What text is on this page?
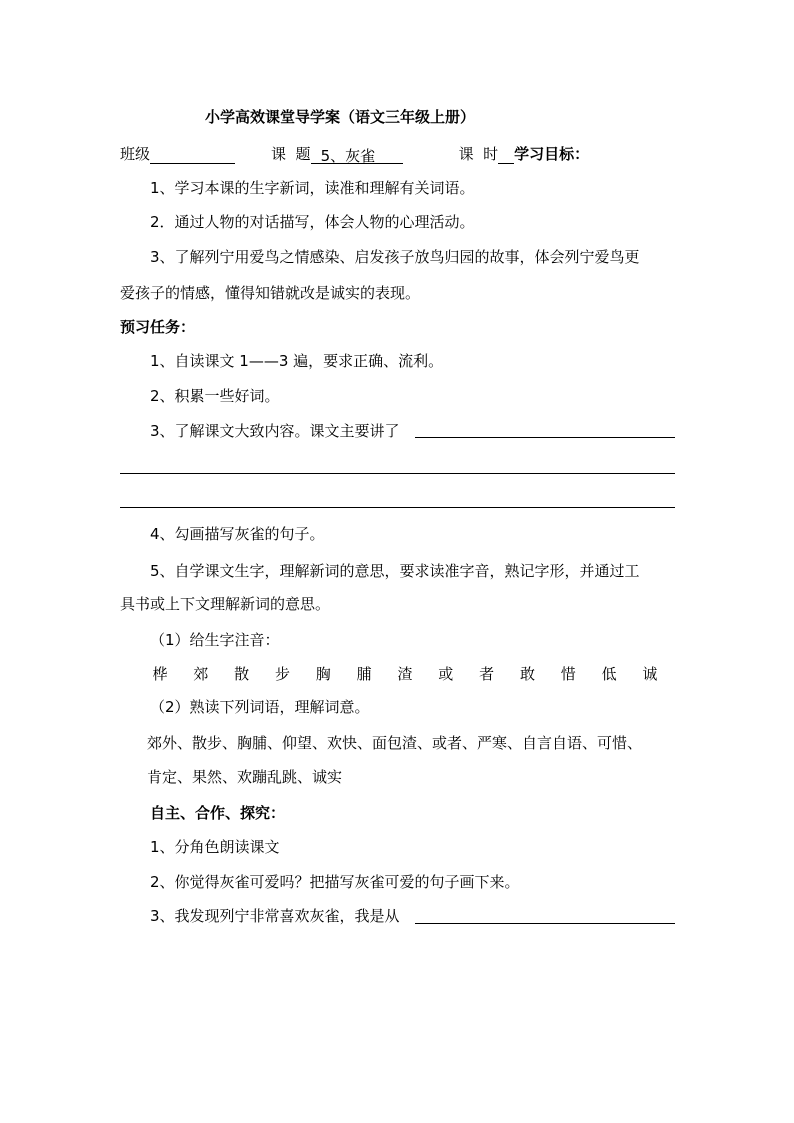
小学高效课堂导学案（语文三年级上册）
班级	课  题 5、灰雀	课  时 学习目标：
1、学习本课的生字新词，读准和理解有关词语。
2．通过人物的对话描写，体会人物的心理活动。
3、了解列宁用爱鸟之情感染、启发孩子放鸟归园的故事，体会列宁爱鸟更
爱孩子的情感，懂得知错就改是诚实的表现。
预习任务：
1、自读课文 1——3 遍，要求正确、流利。
2、积累一些好词。
3、了解课文大致内容。课文主要讲了
4、勾画描写灰雀的句子。
5、自学课文生字，理解新词的意思，要求读准字音，熟记字形，并通过工
具书或上下文理解新词的意思。
（1）给生字注音：
桦 郊 散 步 胸 脯 渣 或 者 敢 惜 低 诚
（2）熟读下列词语，理解词意。
郊外、散步、胸脯、仰望、欢快、面包渣、或者、严寒、自言自语、可惜、
肯定、果然、欢蹦乱跳、诚实
自主、合作、探究：
1、分角色朗读课文
2、你觉得灰雀可爱吗？把描写灰雀可爱的句子画下来。
3、我发现列宁非常喜欢灰雀，我是从
